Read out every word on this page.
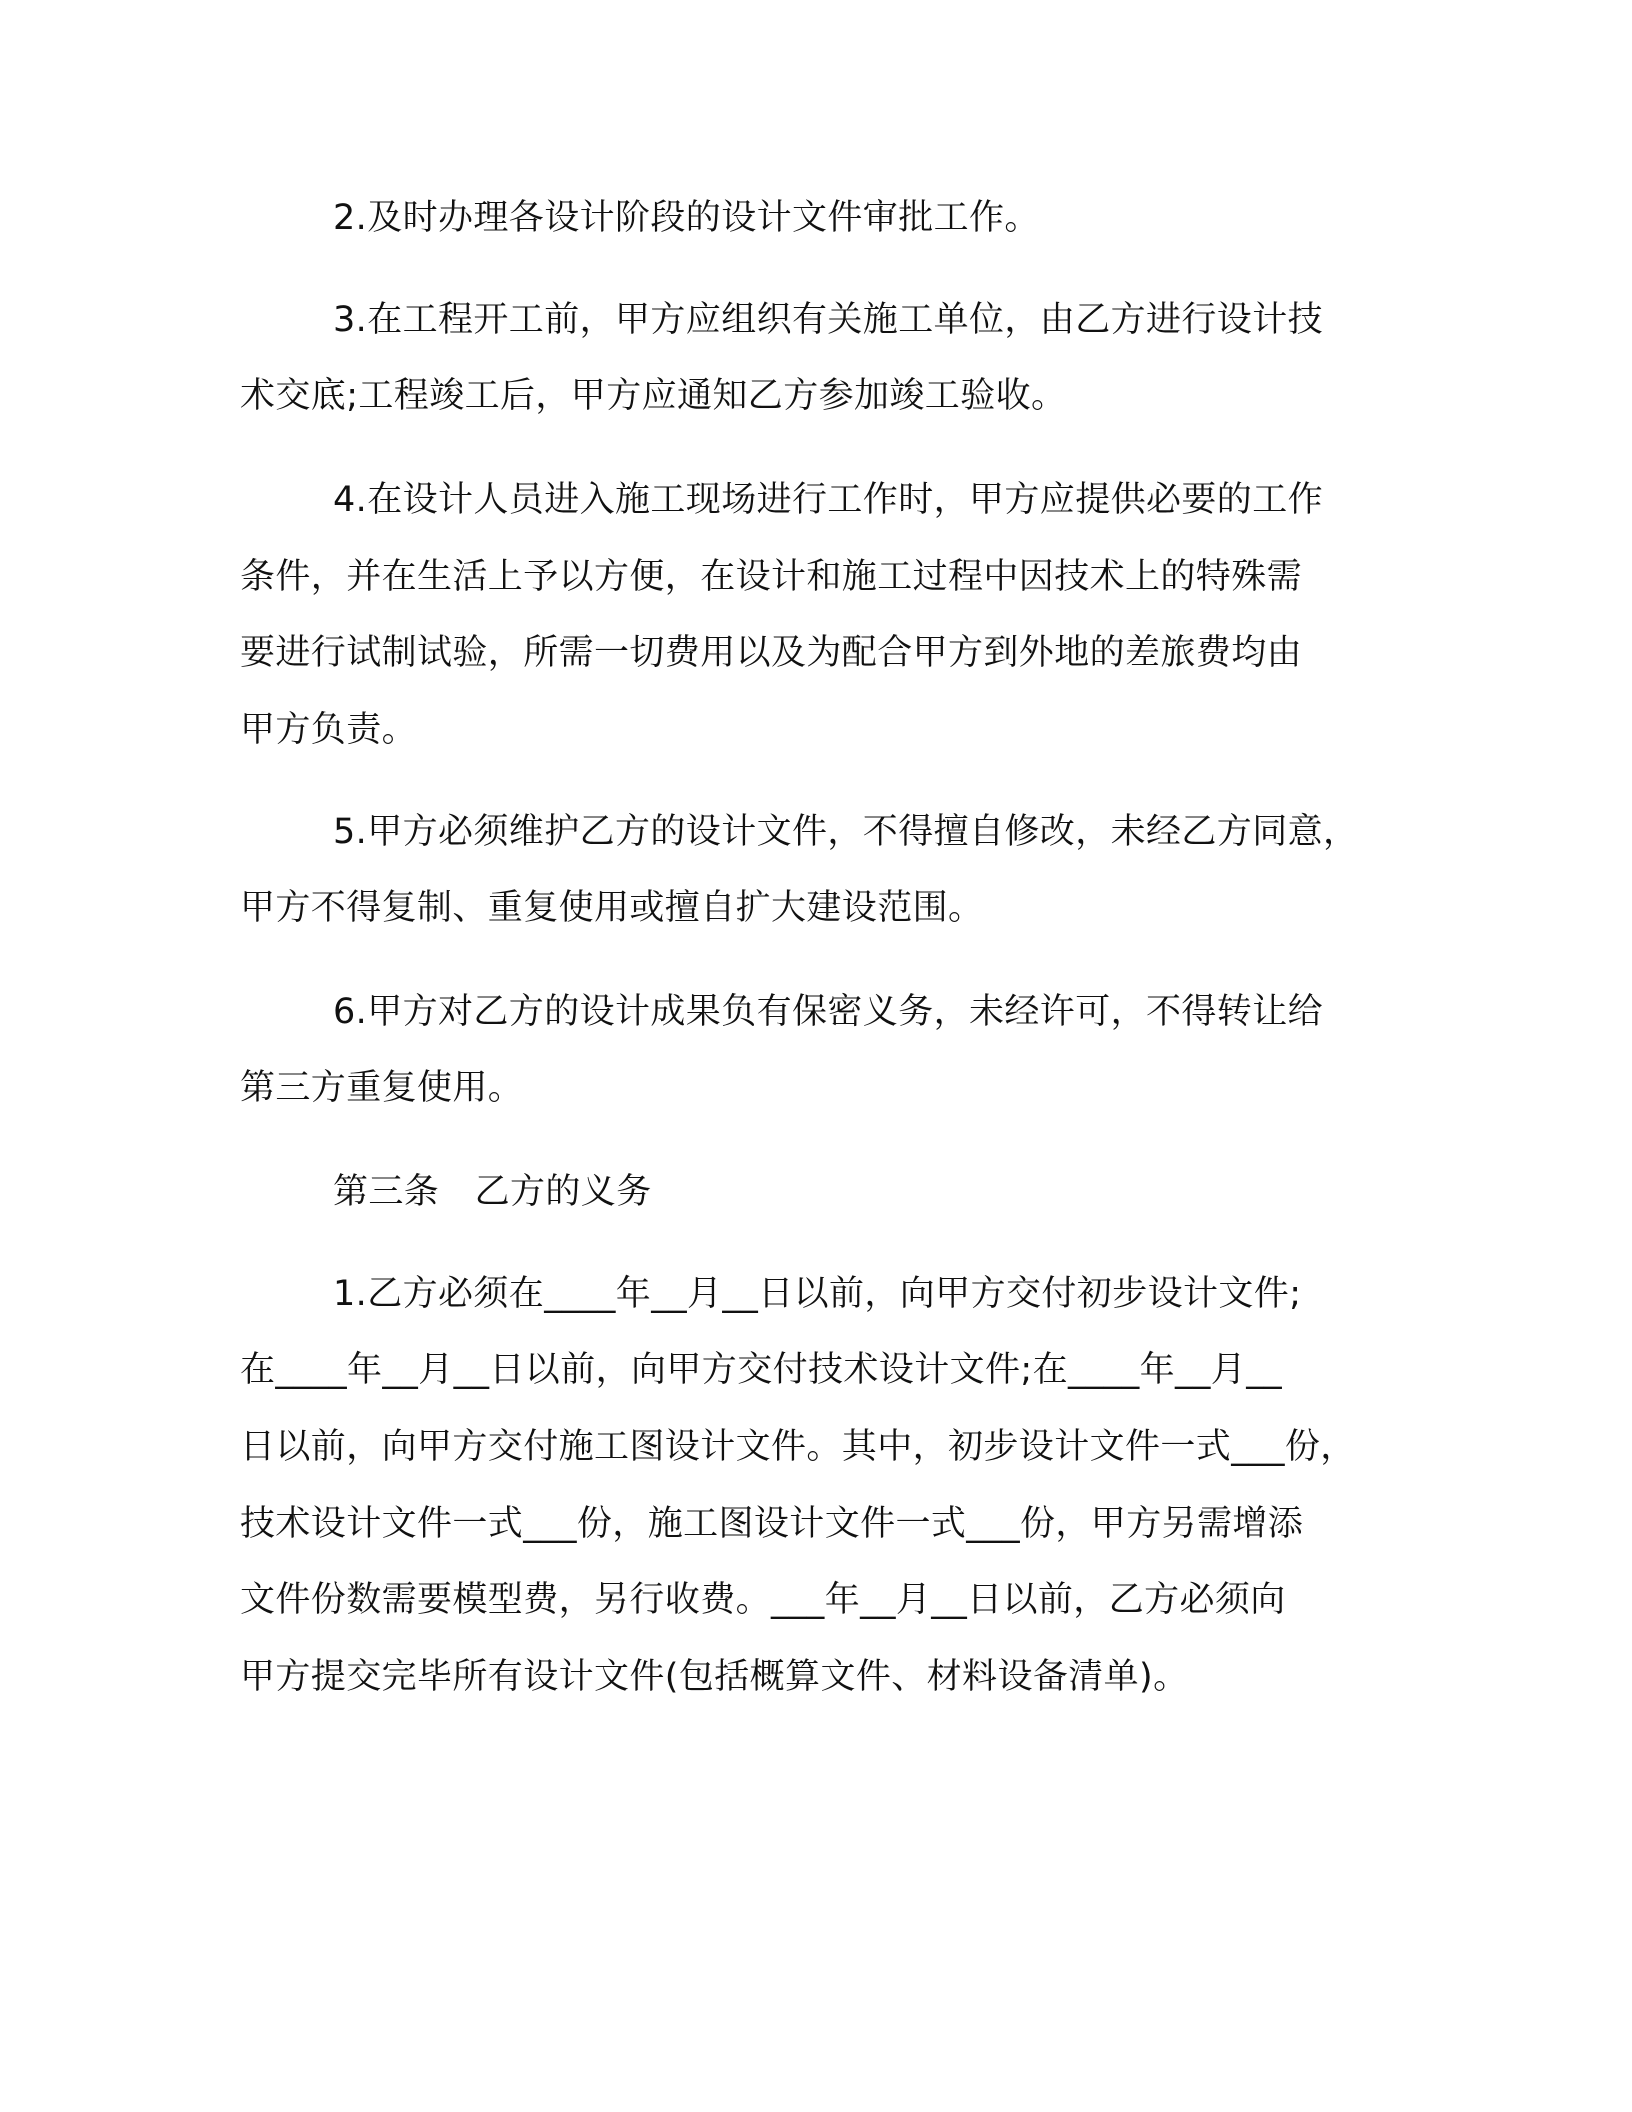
2.及时办理各设计阶段的设计文件审批工作。
3.在工程开工前，甲方应组织有关施工单位，由乙方进行设计技
术交底;工程竣工后，甲方应通知乙方参加竣工验收。
4.在设计人员进入施工现场进行工作时，甲方应提供必要的工作
条件，并在生活上予以方便，在设计和施工过程中因技术上的特殊需
要进行试制试验，所需一切费用以及为配合甲方到外地的差旅费均由
甲方负责。
5.甲方必须维护乙方的设计文件，不得擅自修改，未经乙方同意，
甲方不得复制、重复使用或擅自扩大建设范围。
6.甲方对乙方的设计成果负有保密义务，未经许可，不得转让给
第三方重复使用。
第三条　乙方的义务
1.乙方必须在____年__月__日以前，向甲方交付初步设计文件;
在____年__月__日以前，向甲方交付技术设计文件;在____年__月__
日以前，向甲方交付施工图设计文件。其中，初步设计文件一式___份，
技术设计文件一式___份，施工图设计文件一式___份，甲方另需增添
文件份数需要模型费，另行收费。___年__月__日以前，乙方必须向
甲方提交完毕所有设计文件(包括概算文件、材料设备清单)。
